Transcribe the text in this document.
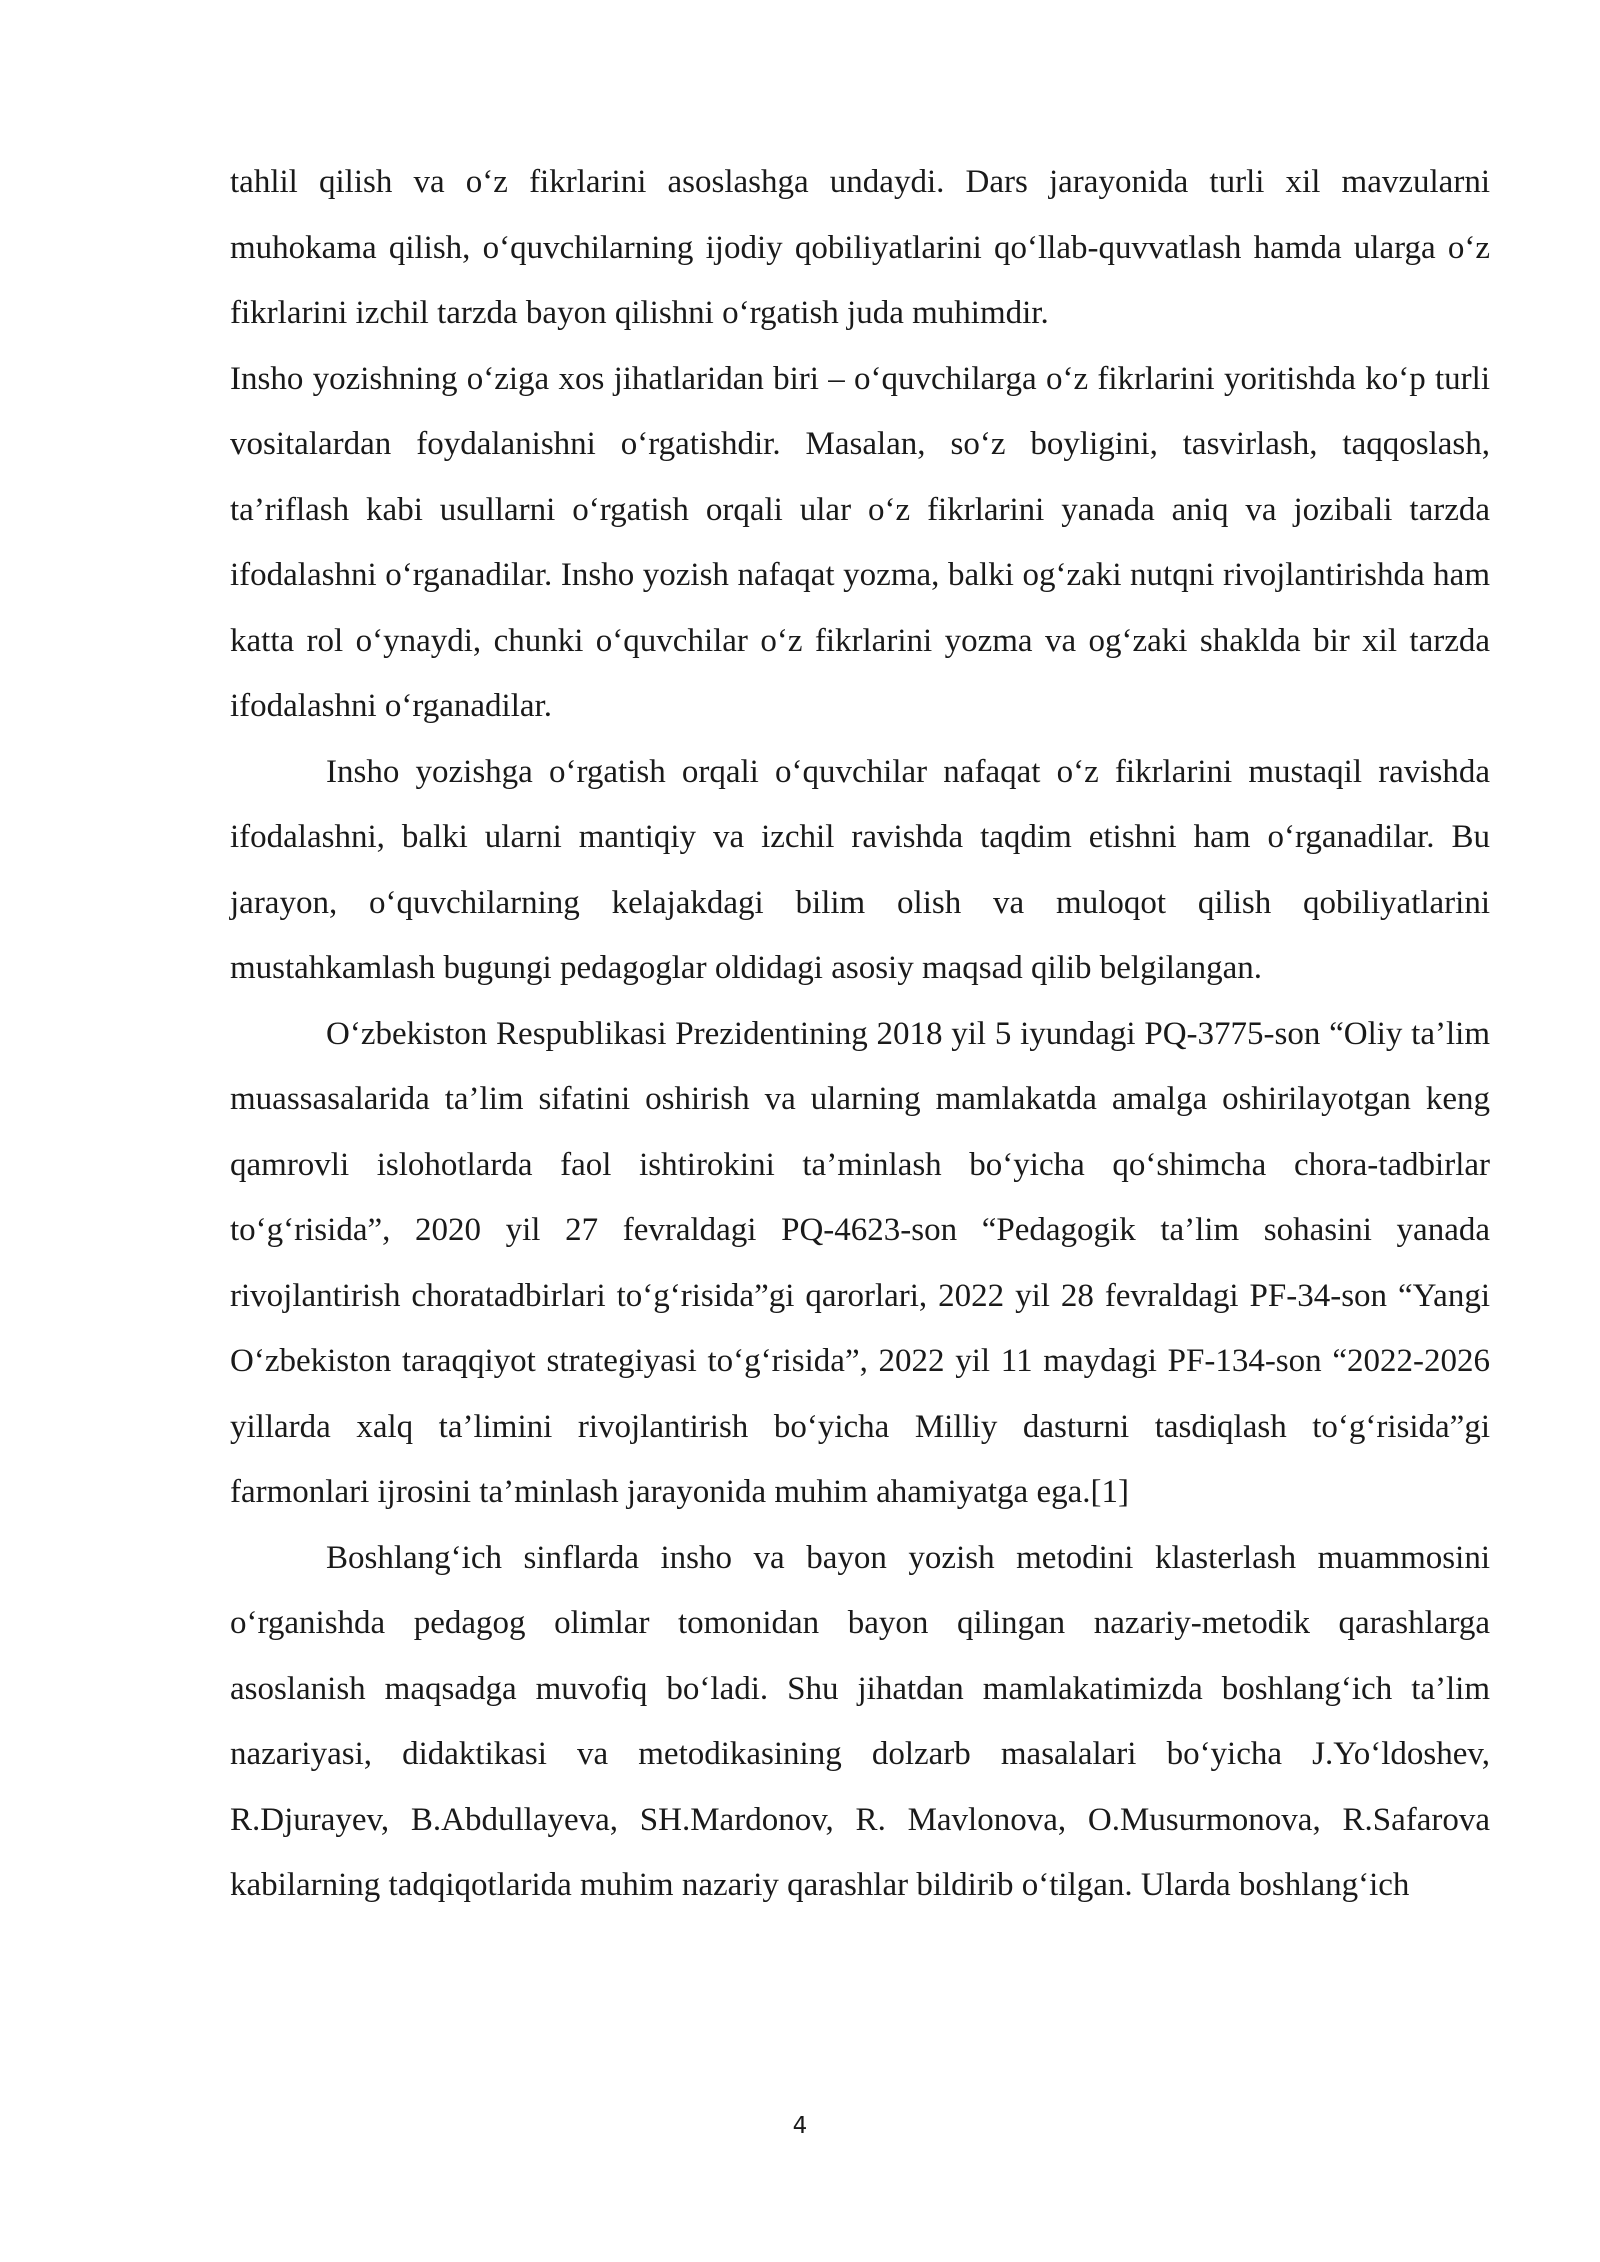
tahlil qilish va o‘z fikrlarini asoslashga undaydi. Dars jarayonida turli xil mavzularni muhokama qilish, o‘quvchilarning ijodiy qobiliyatlarini qo‘llab-quvvatlash hamda ularga o‘z fikrlarini izchil tarzda bayon qilishni o‘rgatish juda muhimdir.

Insho yozishning o‘ziga xos jihatlaridan biri – o‘quvchilarga o‘z fikrlarini yoritishda ko‘p turli vositalardan foydalanishni o‘rgatishdir. Masalan, so‘z boyligini, tasvirlash, taqqoslash, ta’riflash kabi usullarni o‘rgatish orqali ular o‘z fikrlarini yanada aniq va jozibali tarzda ifodalashni o‘rganadilar. Insho yozish nafaqat yozma, balki og‘zaki nutqni rivojlantirishda ham katta rol o‘ynaydi, chunki o‘quvchilar o‘z fikrlarini yozma va og‘zaki shaklda bir xil tarzda ifodalashni o‘rganadilar.

Insho yozishga o‘rgatish orqali o‘quvchilar nafaqat o‘z fikrlarini mustaqil ravishda ifodalashni, balki ularni mantiqiy va izchil ravishda taqdim etishni ham o‘rganadilar. Bu jarayon, o‘quvchilarning kelajakdagi bilim olish va muloqot qilish qobiliyatlarini mustahkamlash bugungi pedagoglar oldidagi asosiy maqsad qilib belgilangan.

O‘zbekiston Respublikasi Prezidentining 2018 yil 5 iyundagi PQ-3775-son “Oliy ta’lim muassasalarida ta’lim sifatini oshirish va ularning mamlakatda amalga oshirilayotgan keng qamrovli islohotlarda faol ishtirokini ta’minlash bo‘yicha qo‘shimcha chora-tadbirlar to‘g‘risida”, 2020 yil 27 fevraldagi PQ-4623-son “Pedagogik ta’lim sohasini yanada rivojlantirish choratadbirlari to‘g‘risida”gi qarorlari, 2022 yil 28 fevraldagi PF-34-son “Yangi O‘zbekiston taraqqiyot strategiyasi to‘g‘risida”, 2022 yil 11 maydagi PF-134-son “2022-2026 yillarda xalq ta’limini rivojlantirish bo‘yicha Milliy dasturni tasdiqlash to‘g‘risida”gi farmonlari ijrosini ta’minlash jarayonida muhim ahamiyatga ega.[1]

Boshlang‘ich sinflarda insho va bayon yozish metodini klasterlash muammosini o‘rganishda pedagog olimlar tomonidan bayon qilingan nazariy-metodik qarashlarga asoslanish maqsadga muvofiq bo‘ladi. Shu jihatdan mamlakatimizda boshlang‘ich ta’lim nazariyasi, didaktikasi va metodikasining dolzarb masalalari bo‘yicha J.Yo‘ldoshev, R.Djurayev, B.Abdullayeva, SH.Mardonov, R. Mavlonova, O.Musurmonova, R.Safarova kabilarning tadqiqotlarida muhim nazariy qarashlar bildirib o‘tilgan. Ularda boshlang‘ich

4
